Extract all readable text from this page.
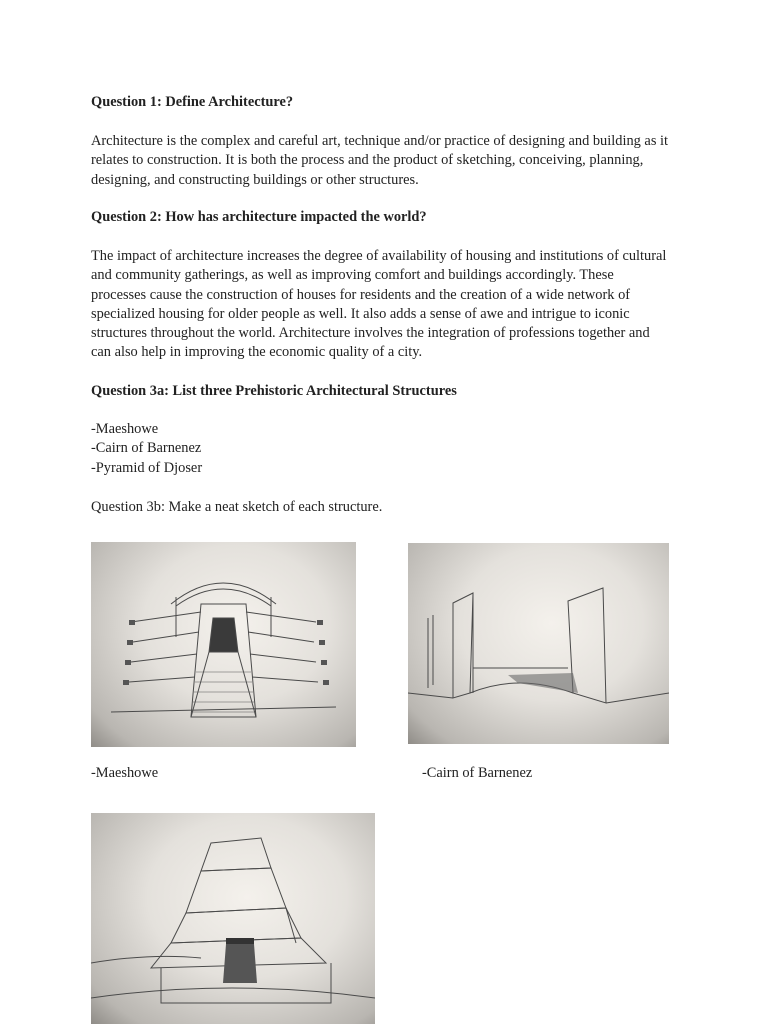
Question 1: Define Architecture?
Architecture is the complex and careful art, technique and/or practice of designing and building as it relates to construction. It is both the process and the product of sketching, conceiving, planning, designing, and constructing buildings or other structures.
Question 2: How has architecture impacted the world?
The impact of architecture increases the degree of availability of housing and institutions of cultural and community gatherings, as well as improving comfort and buildings accordingly. These processes cause the construction of houses for residents and the creation of a wide network of specialized housing for older people as well. It also adds a sense of awe and intrigue to iconic structures throughout the world. Architecture involves the integration of professions together and can also help in improving the economic quality of a city.
Question 3a: List three Prehistoric Architectural Structures
-Maeshowe
-Cairn of Barnenez
-Pyramid of Djoser
Question 3b: Make a neat sketch of each structure.
-Maeshowe	-Cairn of Barnenez
